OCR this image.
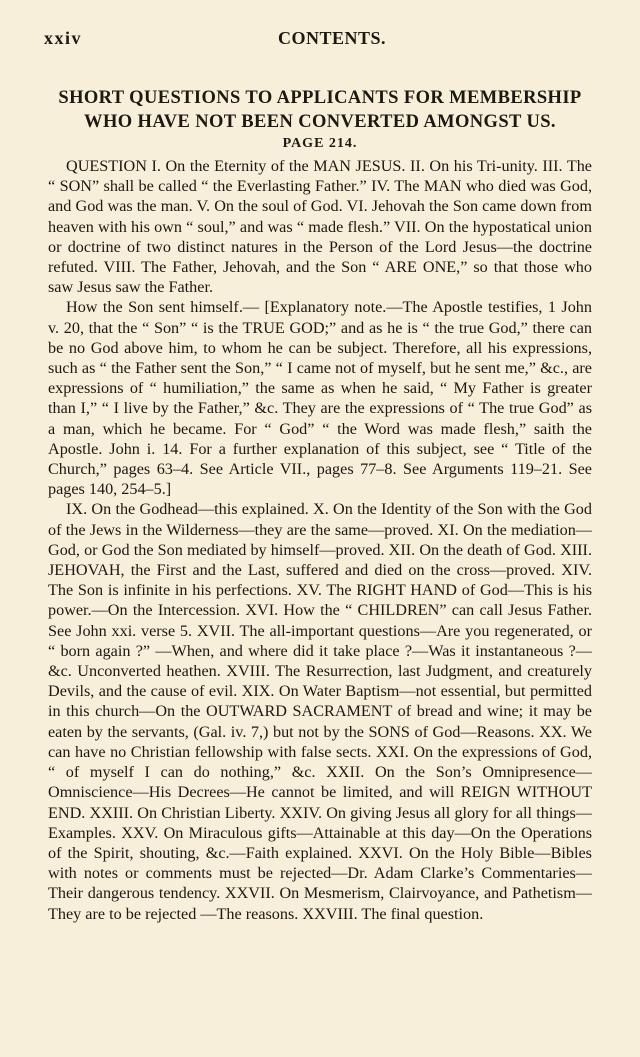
xxiv	CONTENTS.
SHORT QUESTIONS TO APPLICANTS FOR MEMBERSHIP
WHO HAVE NOT BEEN CONVERTED AMONGST US.
PAGE 214.

QUESTION I. On the Eternity of the MAN JESUS. II. On his Tri-unity. III. The “ SON” shall be called “ the Everlasting Father.” IV. The MAN who died was God, and God was the man. V. On the soul of God. VI. Jehovah the Son came down from heaven with his own “ soul,” and was “ made flesh.” VII. On the hypostatical union or doctrine of two distinct natures in the Person of the Lord Jesus—the doctrine refuted. VIII. The Father, Jehovah, and the Son “ ARE ONE,” so that those who saw Jesus saw the Father.

How the Son sent himself.— [Explanatory note.—The Apostle testifies, 1 John v. 20, that the “ Son” “ is the TRUE GOD;” and as he is “ the true God,” there can be no God above him, to whom he can be subject. Therefore, all his expressions, such as “ the Father sent the Son,” “ I came not of myself, but he sent me,” &c., are expressions of “ humiliation,” the same as when he said, “ My Father is greater than I,” “ I live by the Father,” &c. They are the expressions of “ The true God” as a man, which he became. For “ God” “ the Word was made flesh,” saith the Apostle. John i. 14. For a further explanation of this subject, see “ Title of the Church,” pages 63–4. See Article VII., pages 77–8. See Arguments 119–21. See pages 140, 254–5.]

IX. On the Godhead—this explained. X. On the Identity of the Son with the God of the Jews in the Wilderness—they are the same—proved. XI. On the mediation—God, or God the Son mediated by himself—proved. XII. On the death of God. XIII. JEHOVAH, the First and the Last, suffered and died on the cross—proved. XIV. The Son is infinite in his perfections. XV. The RIGHT HAND of God—This is his power.—On the Intercession. XVI. How the “ CHILDREN” can call Jesus Father. See John xxi. verse 5. XVII. The all-important questions—Are you regenerated, or “ born again ?” —When, and where did it take place ?—Was it instantaneous ?—&c. Unconverted heathen. XVIII. The Resurrection, last Judgment, and creaturely Devils, and the cause of evil. XIX. On Water Baptism—not essential, but permitted in this church—On the OUTWARD SACRAMENT of bread and wine; it may be eaten by the servants, (Gal. iv. 7,) but not by the SONS of God—Reasons. XX. We can have no Christian fellowship with false sects. XXI. On the expressions of God, “ of myself I can do nothing,” &c. XXII. On the Son’s Omnipresence—Omniscience—His Decrees—He cannot be limited, and will REIGN WITHOUT END. XXIII. On Christian Liberty. XXIV. On giving Jesus all glory for all things—Examples. XXV. On Miraculous gifts—Attainable at this day—On the Operations of the Spirit, shouting, &c.—Faith explained. XXVI. On the Holy Bible—Bibles with notes or comments must be rejected—Dr. Adam Clarke’s Commentaries—Their dangerous tendency. XXVII. On Mesmerism, Clairvoyance, and Pathetism—They are to be rejected —The reasons. XXVIII. The final question.
